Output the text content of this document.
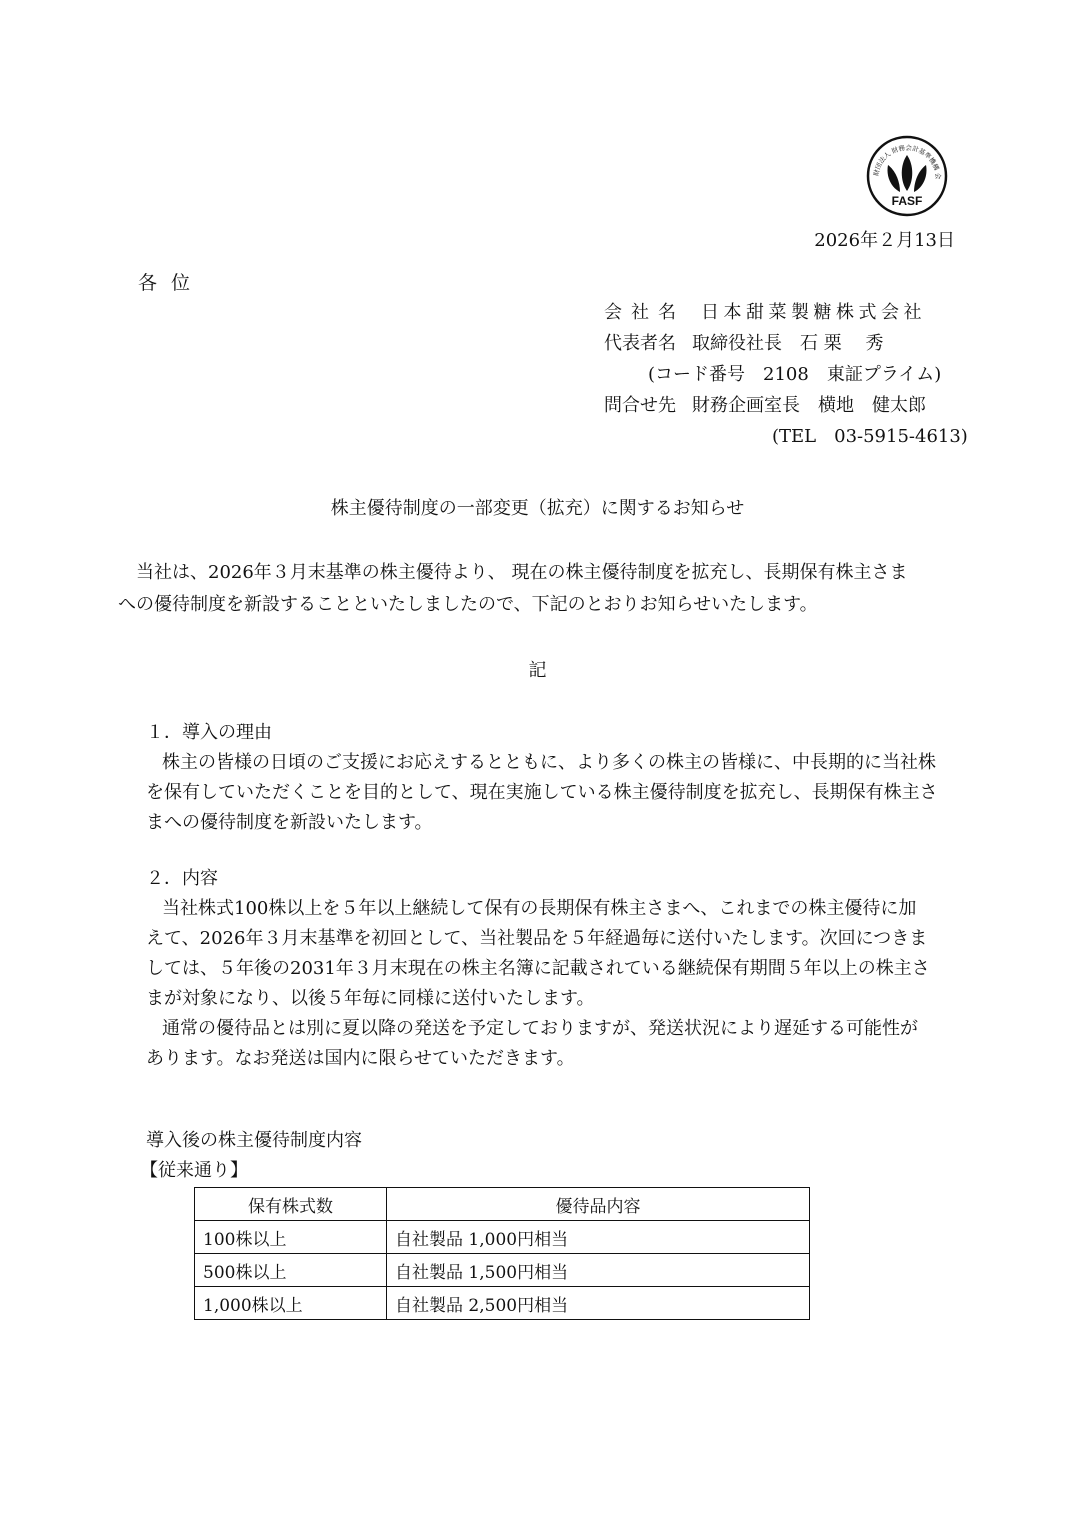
FASF
財団法人 財務会計基準機構 会
2026年２月13日
各位
会社名 日本甜菜製糖株式会社
代表者名 取締役社長　石 栗　 秀
(コード番号　2108　東証プライム)
問合せ先 財務企画室長　横地　健太郎
(TEL　03-5915-4613)
株主優待制度の一部変更（拡充）に関するお知らせ

当社は、2026年３月末基準の株主優待より、 現在の株主優待制度を拡充し、長期保有株主さま

への優待制度を新設することといたしましたので、下記のとおりお知らせいたします。

記
１．導入の理由

株主の皆様の日頃のご支援にお応えするとともに、より多くの株主の皆様に、中長期的に当社株

を保有していただくことを目的として、現在実施している株主優待制度を拡充し、長期保有株主さ

まへの優待制度を新設いたします。

２．内容

当社株式100株以上を５年以上継続して保有の長期保有株主さまへ、これまでの株主優待に加

えて、2026年３月末基準を初回として、当社製品を５年経過毎に送付いたします。次回につきま

しては、５年後の2031年３月末現在の株主名簿に記載されている継続保有期間５年以上の株主さ

まが対象になり、以後５年毎に同様に送付いたします。

通常の優待品とは別に夏以降の発送を予定しておりますが、発送状況により遅延する可能性が

あります。なお発送は国内に限らせていただきます。

導入後の株主優待制度内容
【従来通り】
保有株式数	優待品内容
100株以上	自社製品 1,000円相当
500株以上	自社製品 1,500円相当
1,000株以上	自社製品 2,500円相当
